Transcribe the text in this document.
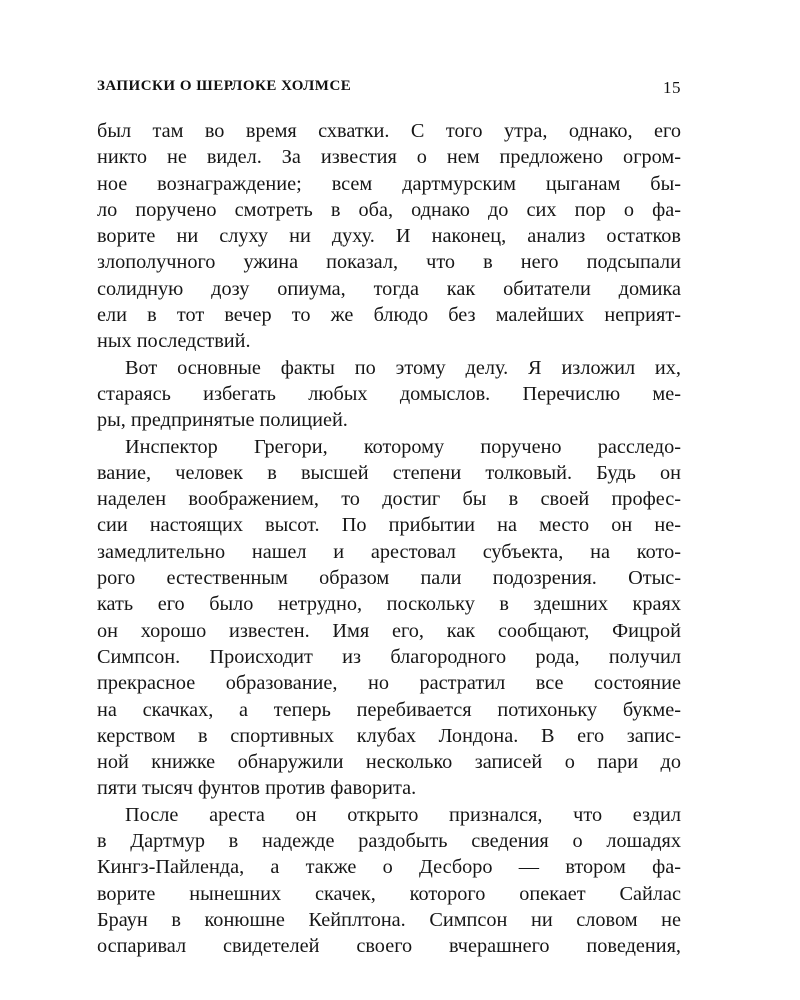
ЗАПИСКИ О ШЕРЛОКЕ ХОЛМСЕ	15
был там во время схватки. С того утра, однако, его
никто не видел. За известия о нем предложено огром-
ное вознаграждение; всем дартмурским цыганам бы-
ло поручено смотреть в оба, однако до сих пор о фа-
ворите ни слуху ни духу. И наконец, анализ остатков
злополучного ужина показал, что в него подсыпали
солидную дозу опиума, тогда как обитатели домика
ели в тот вечер то же блюдо без малейших неприят-
ных последствий.
Вот основные факты по этому делу. Я изложил их,
стараясь избегать любых домыслов. Перечислю ме-
ры, предпринятые полицией.
Инспектор Грегори, которому поручено расследо-
вание, человек в высшей степени толковый. Будь он
наделен воображением, то достиг бы в своей профес-
сии настоящих высот. По прибытии на место он не-
замедлительно нашел и арестовал субъекта, на кото-
рого естественным образом пали подозрения. Отыс-
кать его было нетрудно, поскольку в здешних краях
он хорошо известен. Имя его, как сообщают, Фицрой
Симпсон. Происходит из благородного рода, получил
прекрасное образование, но растратил все состояние
на скачках, а теперь перебивается потихоньку букме-
керством в спортивных клубах Лондона. В его запис-
ной книжке обнаружили несколько записей о пари до
пяти тысяч фунтов против фаворита.
После ареста он открыто признался, что ездил
в Дартмур в надежде раздобыть сведения о лошадях
Кингз-Пайленда, а также о Десборо — втором фа-
ворите нынешних скачек, которого опекает Сайлас
Браун в конюшне Кейплтона. Симпсон ни словом не
оспаривал свидетелей своего вчерашнего поведения,
